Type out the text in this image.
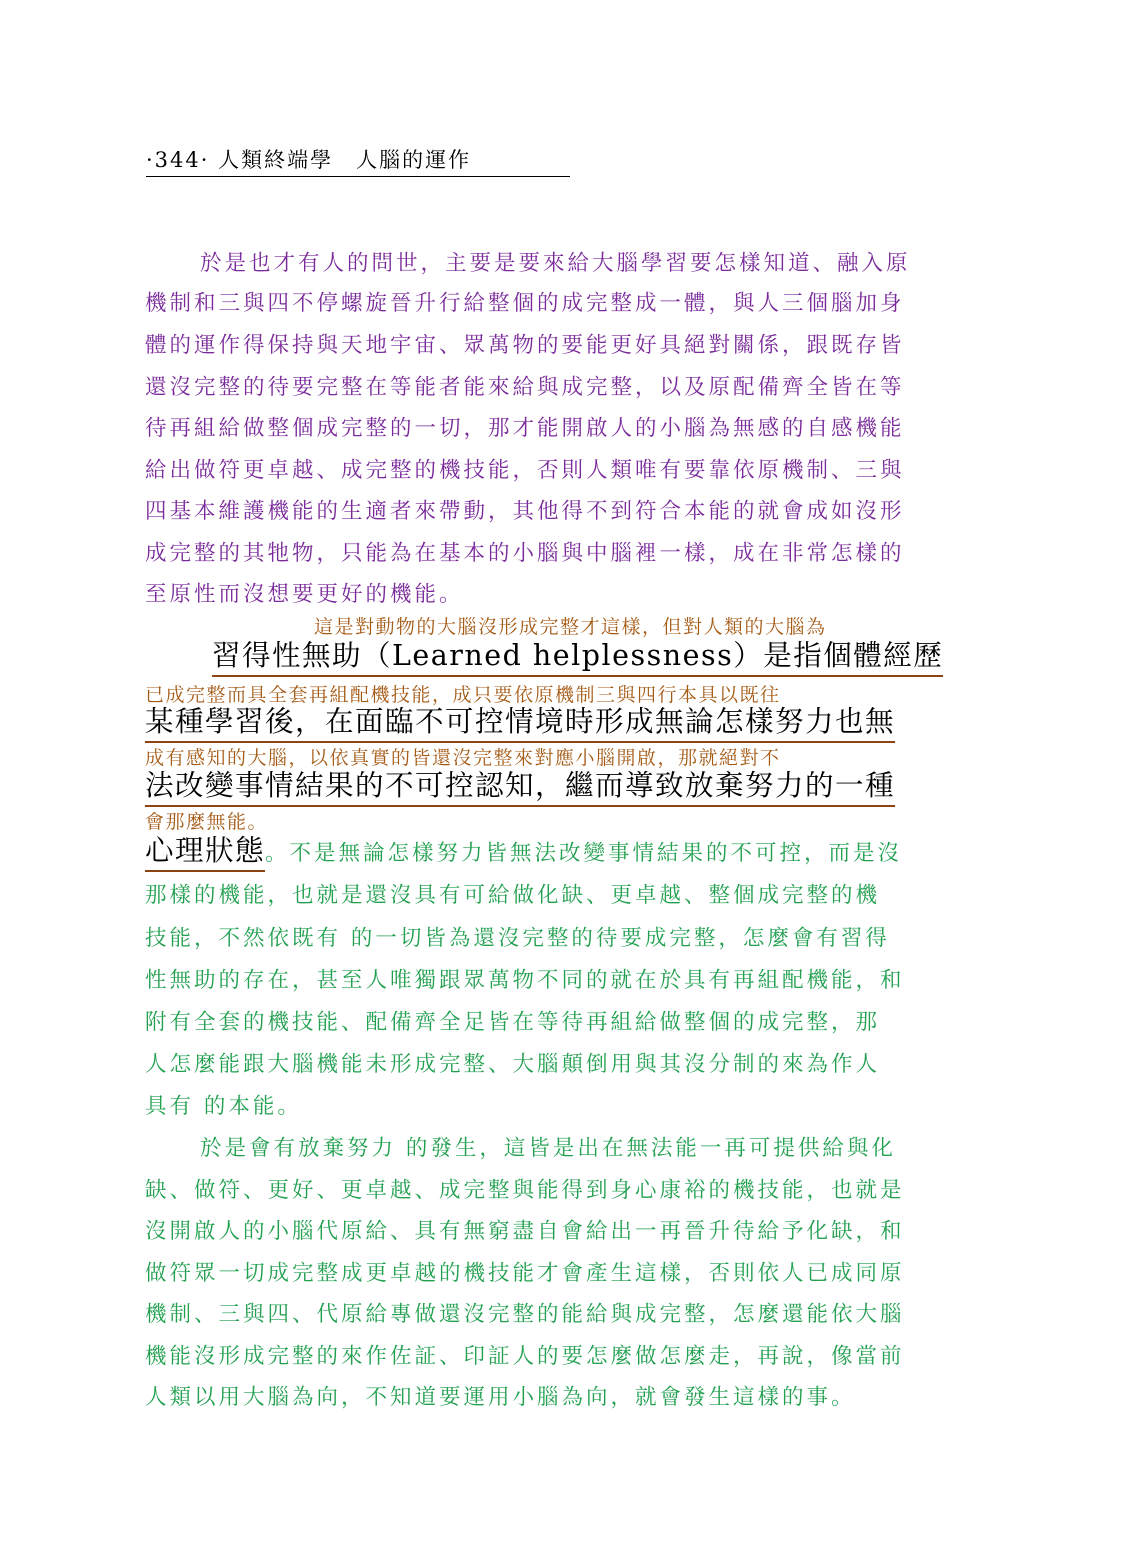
·344· 人類終端學　人腦的運作
於是也才有人的問世，主要是要來給大腦學習要怎樣知道、融入原
機制和三與四不停螺旋晉升行給整個的成完整成一體，與人三個腦加身
體的運作得保持與天地宇宙、眾萬物的要能更好具絕對關係，跟既存皆
還沒完整的待要完整在等能者能來給與成完整，以及原配備齊全皆在等
待再組給做整個成完整的一切，那才能開啟人的小腦為無感的自感機能
給出做符更卓越、成完整的機技能，否則人類唯有要靠依原機制、三與
四基本維護機能的生適者來帶動，其他得不到符合本能的就會成如沒形
成完整的其牠物，只能為在基本的小腦與中腦裡一樣，成在非常怎樣的
至原性而沒想要更好的機能。
這是對動物的大腦沒形成完整才這樣，但對人類的大腦為
習得性無助（Learned helplessness）是指個體經歷
已成完整而具全套再組配機技能，成只要依原機制三與四行本具以既往
某種學習後，在面臨不可控情境時形成無論怎樣努力也無
成有感知的大腦，以依真實的皆還沒完整來對應小腦開啟，那就絕對不
法改變事情結果的不可控認知，繼而導致放棄努力的一種
會那麼無能。
心理狀態。不是無論怎樣努力皆無法改變事情結果的不可控，而是沒
那樣的機能，也就是還沒具有可給做化缺、更卓越、整個成完整的機
技能，不然依既有 的一切皆為還沒完整的待要成完整，怎麼會有習得
性無助的存在，甚至人唯獨跟眾萬物不同的就在於具有再組配機能，和
附有全套的機技能、配備齊全足皆在等待再組給做整個的成完整，那
人怎麼能跟大腦機能未形成完整、大腦顛倒用與其沒分制的來為作人
具有 的本能。
於是會有放棄努力 的發生，這皆是出在無法能一再可提供給與化
缺、做符、更好、更卓越、成完整與能得到身心康裕的機技能，也就是
沒開啟人的小腦代原給、具有無窮盡自會給出一再晉升待給予化缺，和
做符眾一切成完整成更卓越的機技能才會產生這樣，否則依人已成同原
機制、三與四、代原給專做還沒完整的能給與成完整，怎麼還能依大腦
機能沒形成完整的來作佐証、印証人的要怎麼做怎麼走，再說，像當前
人類以用大腦為向，不知道要運用小腦為向，就會發生這樣的事。
